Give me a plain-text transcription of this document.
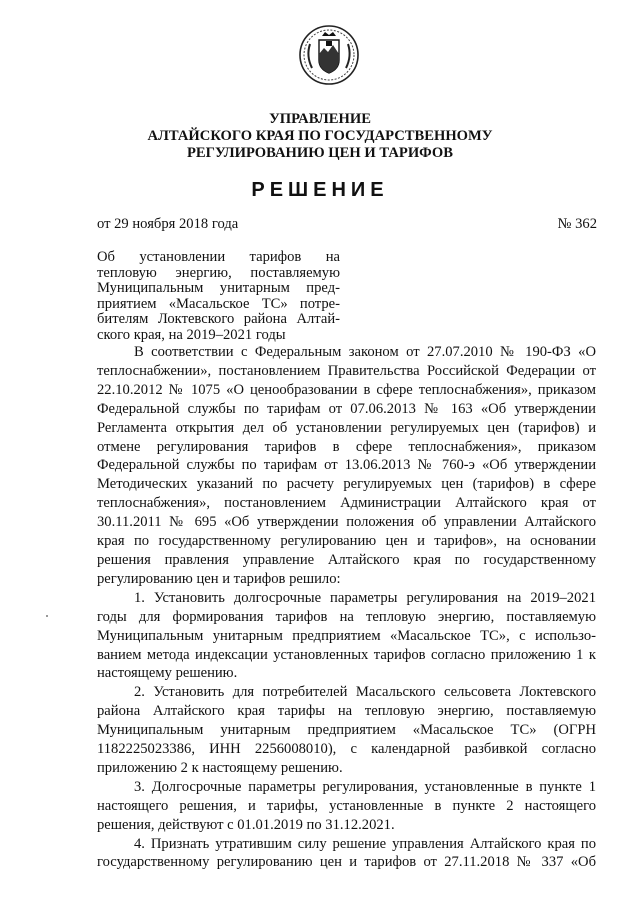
УПРАВЛЕНИЕ
АЛТАЙСКОГО КРАЯ ПО ГОСУДАРСТВЕННОМУ
РЕГУЛИРОВАНИЮ ЦЕН И ТАРИФОВ
РЕШЕНИЕ
от 29 ноября 2018 года	№ 362
Об установлении тарифов на
тепловую энергию, поставляемую
Муниципальным унитарным пред-
приятием «Масальское ТС» потре-
бителям Локтевского района Алтай-
ского края, на 2019–2021 годы
В соответствии с Федеральным законом от 27.07.2010 № 190-ФЗ «О
теплоснабжении», постановлением Правительства Российской Федерации от
22.10.2012 № 1075 «О ценообразовании в сфере теплоснабжения», приказом
Федеральной службы по тарифам от 07.06.2013 № 163 «Об утверждении
Регламента открытия дел об установлении регулируемых цен (тарифов) и
отмене регулирования тарифов в сфере теплоснабжения», приказом
Федеральной службы по тарифам от 13.06.2013 № 760-э «Об утверждении
Методических указаний по расчету регулируемых цен (тарифов) в сфере
теплоснабжения», постановлением Администрации Алтайского края от
30.11.2011 № 695 «Об утверждении положения об управлении Алтайского
края по государственному регулированию цен и тарифов», на основании
решения правления управление Алтайского края по государственному
регулированию цен и тарифов решило:
1. Установить долгосрочные параметры регулирования на 2019–2021
годы для формирования тарифов на тепловую энергию, поставляемую
Муниципальным унитарным предприятием «Масальское ТС», с использо-
ванием метода индексации установленных тарифов согласно приложению 1 к
настоящему решению.
2. Установить для потребителей Масальского сельсовета Локтевского
района Алтайского края тарифы на тепловую энергию, поставляемую
Муниципальным унитарным предприятием «Масальское ТС» (ОГРН
1182225023386, ИНН 2256008010), с календарной разбивкой согласно
приложению 2 к настоящему решению.
3. Долгосрочные параметры регулирования, установленные в пункте 1
настоящего решения, и тарифы, установленные в пункте 2 настоящего
решения, действуют с 01.01.2019 по 31.12.2021.
4. Признать утратившим силу решение управления Алтайского края по
государственному регулированию цен и тарифов от 27.11.2018 № 337 «Об
